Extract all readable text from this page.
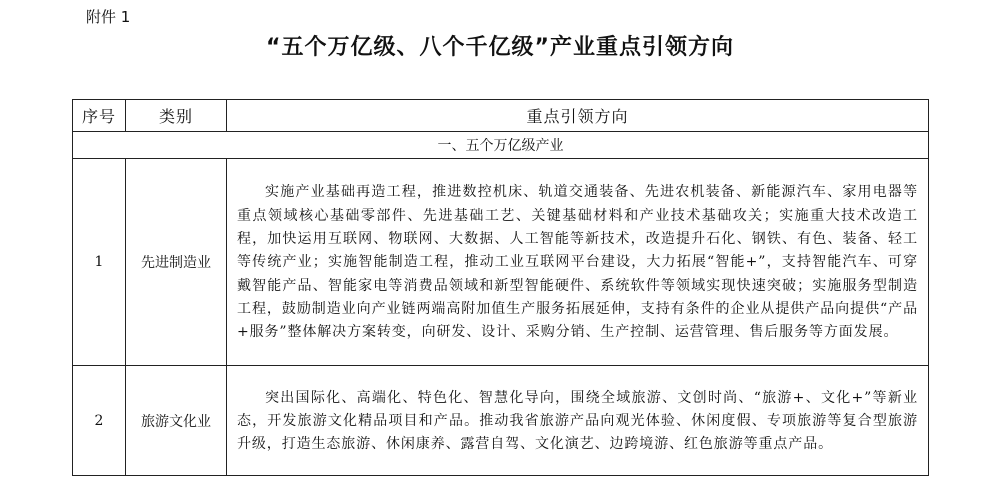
附件 1
“五个万亿级、八个千亿级”产业重点引领方向
序号	类别	重点引领方向
一、五个万亿级产业		
1	先进制造业	实施产业基础再造工程，推进数控机床、轨道交通装备、先进农机装备、新能源汽车、家用电器等重点领域核心基础零部件、先进基础工艺、关键基础材料和产业技术基础攻关；实施重大技术改造工程，加快运用互联网、物联网、大数据、人工智能等新技术，改造提升石化、钢铁、有色、装备、轻工等传统产业；实施智能制造工程，推动工业互联网平台建设，大力拓展“智能+”，支持智能汽车、可穿戴智能产品、智能家电等消费品领域和新型智能硬件、系统软件等领域实现快速突破；实施服务型制造工程，鼓励制造业向产业链两端高附加值生产服务拓展延伸，支持有条件的企业从提供产品向提供“产品+服务”整体解决方案转变，向研发、设计、采购分销、生产控制、运营管理、售后服务等方面发展。
2	旅游文化业	突出国际化、高端化、特色化、智慧化导向，围绕全域旅游、文创时尚、“旅游+、文化+”等新业态，开发旅游文化精品项目和产品。推动我省旅游产品向观光体验、休闲度假、专项旅游等复合型旅游升级，打造生态旅游、休闲康养、露营自驾、文化演艺、边跨境游、红色旅游等重点产品。
